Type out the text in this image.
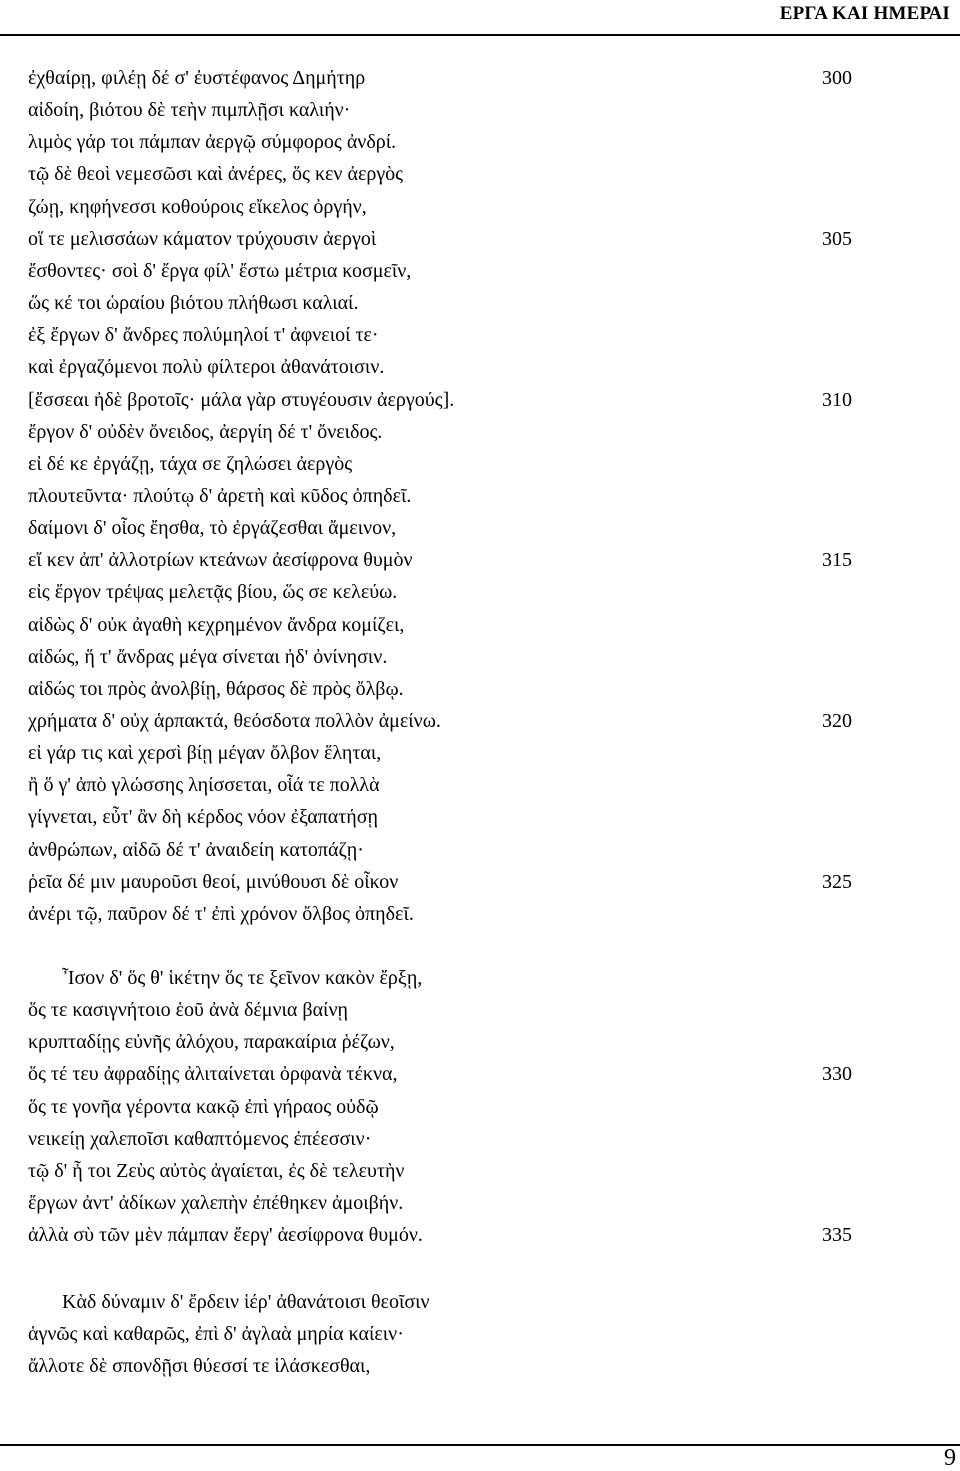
ΕΡΓΑ ΚΑΙ ΗΜΕΡΑΙ
ἐχθαίρῃ, φιλέῃ δέ σ' ἐυστέφανος Δημήτηρ	300
αἰδοίη, βιότου δὲ τεὴν πιμπλῇσι καλιήν·
λιμὸς γάρ τοι πάμπαν ἀεργῷ σύμφορος ἀνδρί.
τῷ δὲ θεοὶ νεμεσῶσι καὶ ἀνέρες, ὅς κεν ἀεργὸς
ζώῃ, κηφήνεσσι κοθούροις εἴκελος ὀργήν,
οἵ τε μελισσάων κάματον τρύχουσιν ἀεργοὶ	305
ἔσθοντες· σοὶ δ' ἔργα φίλ' ἔστω μέτρια κοσμεῖν,
ὥς κέ τοι ὡραίου βιότου πλήθωσι καλιαί.
ἐξ ἔργων δ' ἄνδρες πολύμηλοί τ' ἀφνειοί τε·
καὶ ἐργαζόμενοι πολὺ φίλτεροι ἀθανάτοισιν.
[ἔσσεαι ἠδὲ βροτοῖς· μάλα γὰρ στυγέουσιν ἀεργούς].	310
ἔργον δ' οὐδὲν ὄνειδος, ἀεργίη δέ τ' ὄνειδος.
εἰ δέ κε ἐργάζῃ, τάχα σε ζηλώσει ἀεργὸς
πλουτεῦντα· πλούτῳ δ' ἀρετὴ καὶ κῦδος ὀπηδεῖ.
δαίμονι δ' οἷος ἔησθα, τὸ ἐργάζεσθαι ἄμεινον,
εἴ κεν ἀπ' ἀλλοτρίων κτεάνων ἀεσίφρονα θυμὸν	315
εἰς ἔργον τρέψας μελετᾷς βίου, ὥς σε κελεύω.
αἰδὼς δ' οὐκ ἀγαθὴ κεχρημένον ἄνδρα κομίζει,
αἰδώς, ἥ τ' ἄνδρας μέγα σίνεται ἠδ' ὀνίνησιν.
αἰδώς τοι πρὸς ἀνολβίῃ, θάρσος δὲ πρὸς ὄλβῳ.
χρήματα δ' οὐχ ἁρπακτά, θεόσδοτα πολλὸν ἀμείνω.	320
εἰ γάρ τις καὶ χερσὶ βίῃ μέγαν ὄλβον ἕληται,
ἢ ὅ γ' ἀπὸ γλώσσης ληίσσεται, οἷά τε πολλὰ
γίγνεται, εὖτ' ἂν δὴ κέρδος νόον ἐξαπατήσῃ
ἀνθρώπων, αἰδῶ δέ τ' ἀναιδείη κατοπάζῃ·
ῥεῖα δέ μιν μαυροῦσι θεοί, μινύθουσι δὲ οἶκον	325
ἀνέρι τῷ, παῦρον δέ τ' ἐπὶ χρόνον ὄλβος ὀπηδεῖ.
Ἶσον δ' ὅς θ' ἱκέτην ὅς τε ξεῖνον κακὸν ἔρξῃ,
ὅς τε κασιγνήτοιο ἑοῦ ἀνὰ δέμνια βαίνῃ
κρυπταδίῃς εὐνῆς ἀλόχου, παρακαίρια ῥέζων,
ὅς τέ τευ ἀφραδίῃς ἀλιταίνεται ὀρφανὰ τέκνα,	330
ὅς τε γονῆα γέροντα κακῷ ἐπὶ γήραος οὐδῷ
νεικείῃ χαλεποῖσι καθαπτόμενος ἐπέεσσιν·
τῷ δ' ἦ τοι Ζεὺς αὐτὸς ἀγαίεται, ἐς δὲ τελευτὴν
ἔργων ἀντ' ἀδίκων χαλεπὴν ἐπέθηκεν ἀμοιβήν.
ἀλλὰ σὺ τῶν μὲν πάμπαν ἔεργ' ἀεσίφρονα θυμόν.	335
Κὰδ δύναμιν δ' ἔρδειν ἱέρ' ἀθανάτοισι θεοῖσιν
ἁγνῶς καὶ καθαρῶς, ἐπὶ δ' ἀγλαὰ μηρία καίειν·
ἄλλοτε δὲ σπονδῇσι θύεσσί τε ἱλάσκεσθαι,
9
